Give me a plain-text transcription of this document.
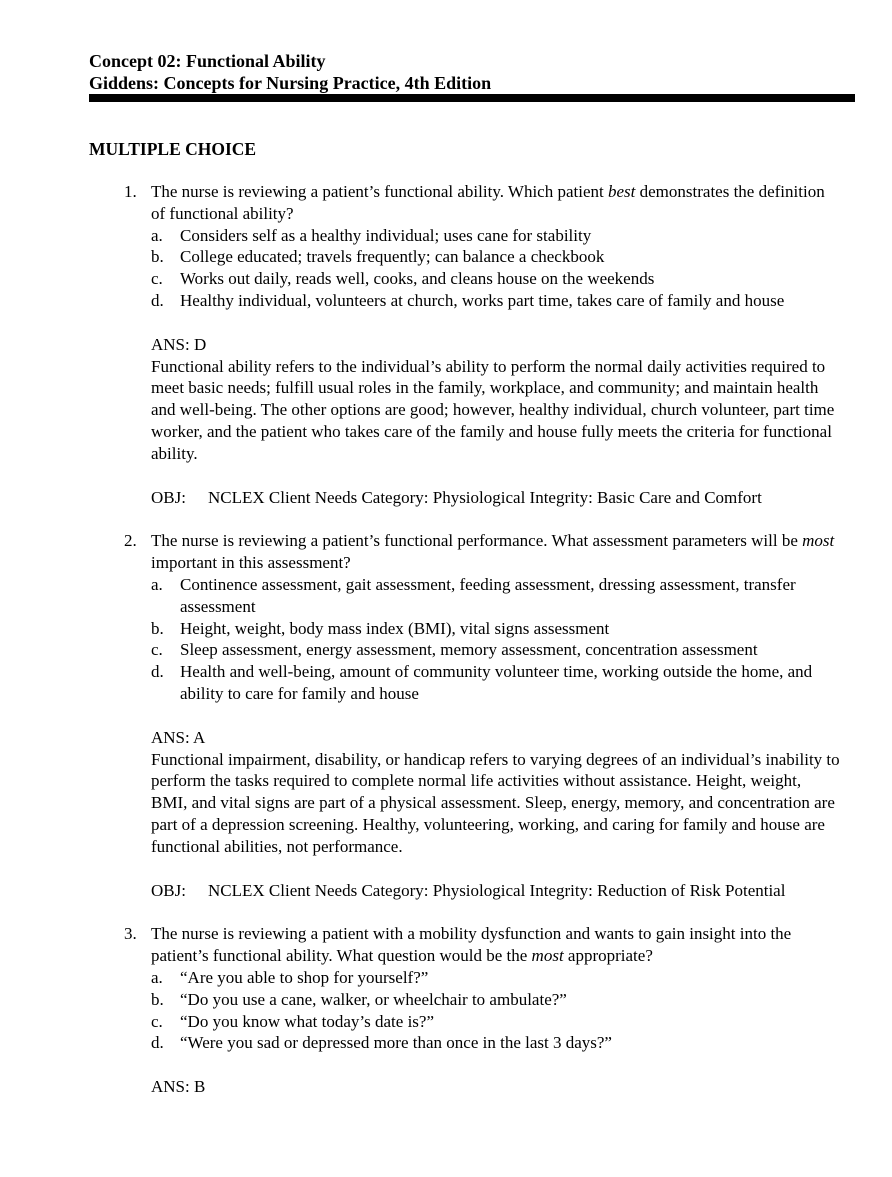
Concept 02: Functional Ability
Giddens: Concepts for Nursing Practice, 4th Edition
MULTIPLE CHOICE
1. The nurse is reviewing a patient’s functional ability. Which patient best demonstrates the definition of functional ability?
a. Considers self as a healthy individual; uses cane for stability
b. College educated; travels frequently; can balance a checkbook
c. Works out daily, reads well, cooks, and cleans house on the weekends
d. Healthy individual, volunteers at church, works part time, takes care of family and house
ANS: D
Functional ability refers to the individual’s ability to perform the normal daily activities required to meet basic needs; fulfill usual roles in the family, workplace, and community; and maintain health and well-being. The other options are good; however, healthy individual, church volunteer, part time worker, and the patient who takes care of the family and house fully meets the criteria for functional ability.
OBJ: NCLEX Client Needs Category: Physiological Integrity: Basic Care and Comfort
2. The nurse is reviewing a patient’s functional performance. What assessment parameters will be most important in this assessment?
a. Continence assessment, gait assessment, feeding assessment, dressing assessment, transfer assessment
b. Height, weight, body mass index (BMI), vital signs assessment
c. Sleep assessment, energy assessment, memory assessment, concentration assessment
d. Health and well-being, amount of community volunteer time, working outside the home, and ability to care for family and house
ANS: A
Functional impairment, disability, or handicap refers to varying degrees of an individual’s inability to perform the tasks required to complete normal life activities without assistance. Height, weight, BMI, and vital signs are part of a physical assessment. Sleep, energy, memory, and concentration are part of a depression screening. Healthy, volunteering, working, and caring for family and house are functional abilities, not performance.
OBJ: NCLEX Client Needs Category: Physiological Integrity: Reduction of Risk Potential
3. The nurse is reviewing a patient with a mobility dysfunction and wants to gain insight into the patient’s functional ability. What question would be the most appropriate?
a. “Are you able to shop for yourself?”
b. “Do you use a cane, walker, or wheelchair to ambulate?”
c. “Do you know what today’s date is?”
d. “Were you sad or depressed more than once in the last 3 days?”
ANS: B
